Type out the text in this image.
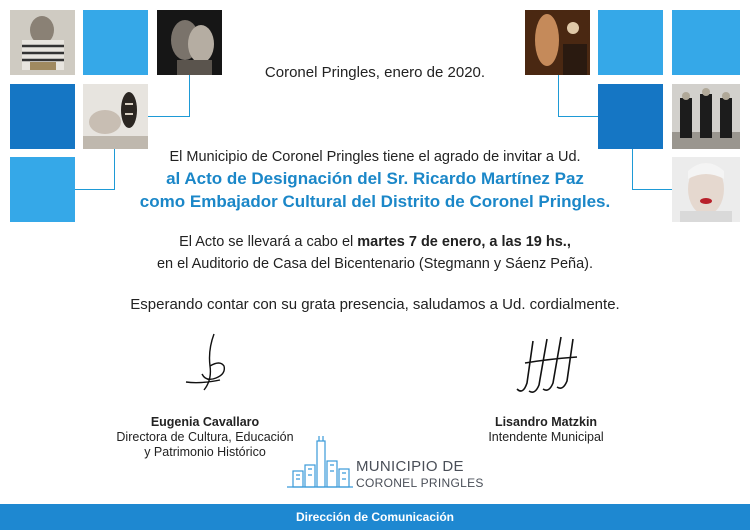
Coronel Pringles, enero de 2020.
El Municipio de Coronel Pringles tiene el agrado de invitar a Ud.
al Acto de Designación del Sr. Ricardo Martínez Paz
como Embajador Cultural del Distrito de Coronel Pringles.
El Acto se llevará a cabo el martes 7 de enero, a las 19 hs.,
en el Auditorio de Casa del Bicentenario (Stegmann y Sáenz Peña).
Esperando contar con su grata presencia, saludamos a Ud. cordialmente.
Eugenia Cavallaro
Directora de Cultura, Educación
y Patrimonio Histórico
Lisandro Matzkin
Intendente Municipal
MUNICIPIO DE
CORONEL PRINGLES
Dirección de Comunicación
